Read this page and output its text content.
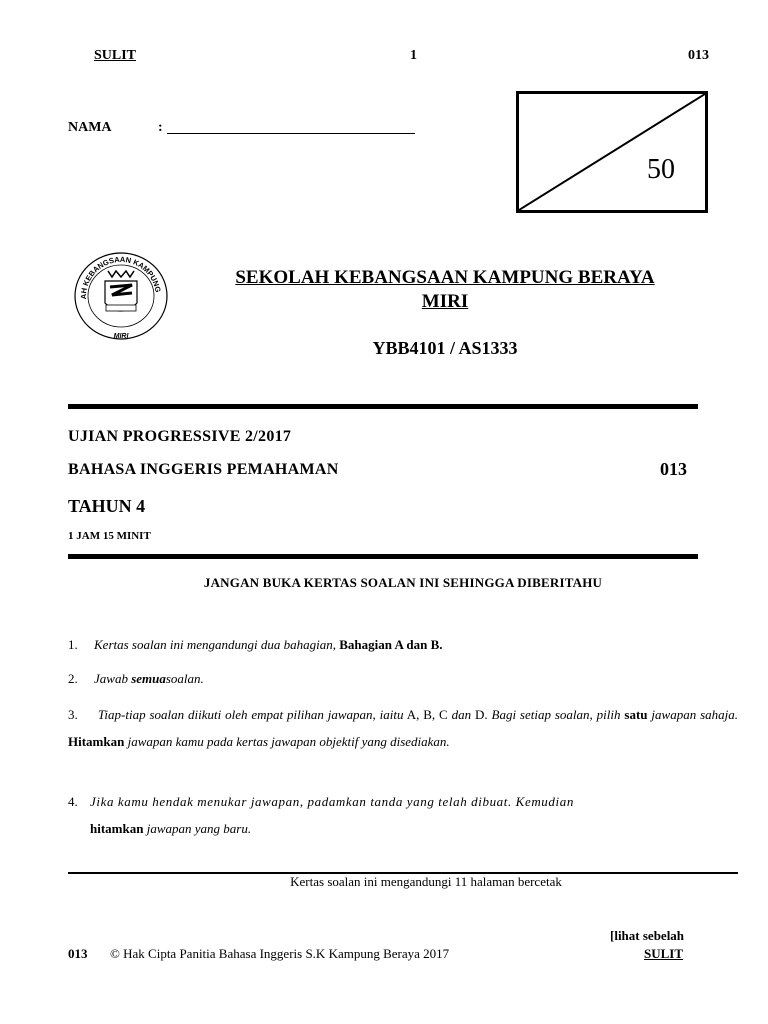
SULIT	1	013
NAMA	:
50
AH KEBANGSAAN KAMPUNG
MIRI
SEKOLAH KEBANGSAAN KAMPUNG BERAYA
MIRI
YBB4101 / AS1333
UJIAN PROGRESSIVE 2/2017
BAHASA INGGERIS PEMAHAMAN	013
TAHUN 4
1 JAM 15 MINIT
JANGAN BUKA KERTAS SOALAN INI SEHINGGA DIBERITAHU
1. Kertas soalan ini mengandungi dua bahagian, Bahagian A dan B.
2. Jawab semuasoalan.
3. Tiap-tiap soalan diikuti oleh empat pilihan jawapan, iaitu A, B, C dan D. Bagi setiap soalan, pilih satu jawapan sahaja. Hitamkan jawapan kamu pada kertas jawapan objektif yang disediakan.
4. Jika kamu hendak menukar jawapan, padamkan tanda yang telah dibuat. Kemudian
hitamkan jawapan yang baru.
Kertas soalan ini mengandungi 11 halaman bercetak
[lihat sebelah
013 © Hak Cipta Panitia Bahasa Inggeris S.K Kampung Beraya 2017	SULIT
